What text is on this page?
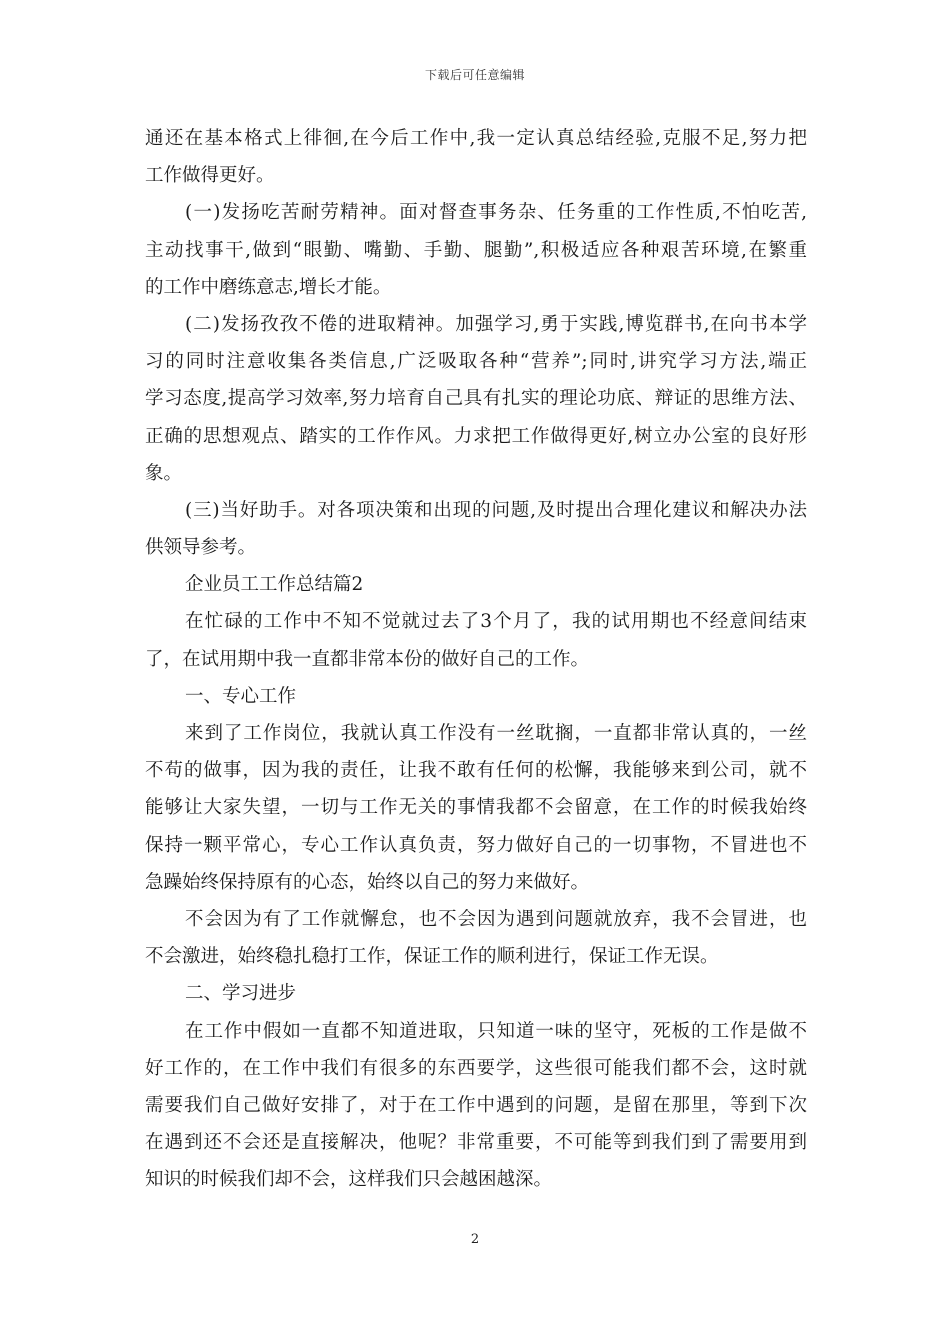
下载后可任意编辑
通还在基本格式上徘徊,在今后工作中,我一定认真总结经验,克服不足,努力把
工作做得更好。
(一)发扬吃苦耐劳精神。面对督查事务杂、任务重的工作性质,不怕吃苦,
主动找事干,做到“眼勤、嘴勤、手勤、腿勤”,积极适应各种艰苦环境,在繁重
的工作中磨练意志,增长才能。
(二)发扬孜孜不倦的进取精神。加强学习,勇于实践,博览群书,在向书本学
习的同时注意收集各类信息,广泛吸取各种“营养”;同时,讲究学习方法,端正
学习态度,提高学习效率,努力培育自己具有扎实的理论功底、辩证的思维方法、
正确的思想观点、踏实的工作作风。力求把工作做得更好,树立办公室的良好形
象。
(三)当好助手。对各项决策和出现的问题,及时提出合理化建议和解决办法
供领导参考。
企业员工工作总结篇2
在忙碌的工作中不知不觉就过去了3个月了，我的试用期也不经意间结束
了，在试用期中我一直都非常本份的做好自己的工作。
一、专心工作
来到了工作岗位，我就认真工作没有一丝耽搁，一直都非常认真的，一丝
不苟的做事，因为我的责任，让我不敢有任何的松懈，我能够来到公司，就不
能够让大家失望，一切与工作无关的事情我都不会留意，在工作的时候我始终
保持一颗平常心，专心工作认真负责，努力做好自己的一切事物，不冒进也不
急躁始终保持原有的心态，始终以自己的努力来做好。
不会因为有了工作就懈怠，也不会因为遇到问题就放弃，我不会冒进，也
不会激进，始终稳扎稳打工作，保证工作的顺利进行，保证工作无误。
二、学习进步
在工作中假如一直都不知道进取，只知道一味的坚守，死板的工作是做不
好工作的，在工作中我们有很多的东西要学，这些很可能我们都不会，这时就
需要我们自己做好安排了，对于在工作中遇到的问题，是留在那里，等到下次
在遇到还不会还是直接解决，他呢？非常重要，不可能等到我们到了需要用到
知识的时候我们却不会，这样我们只会越困越深。
2
